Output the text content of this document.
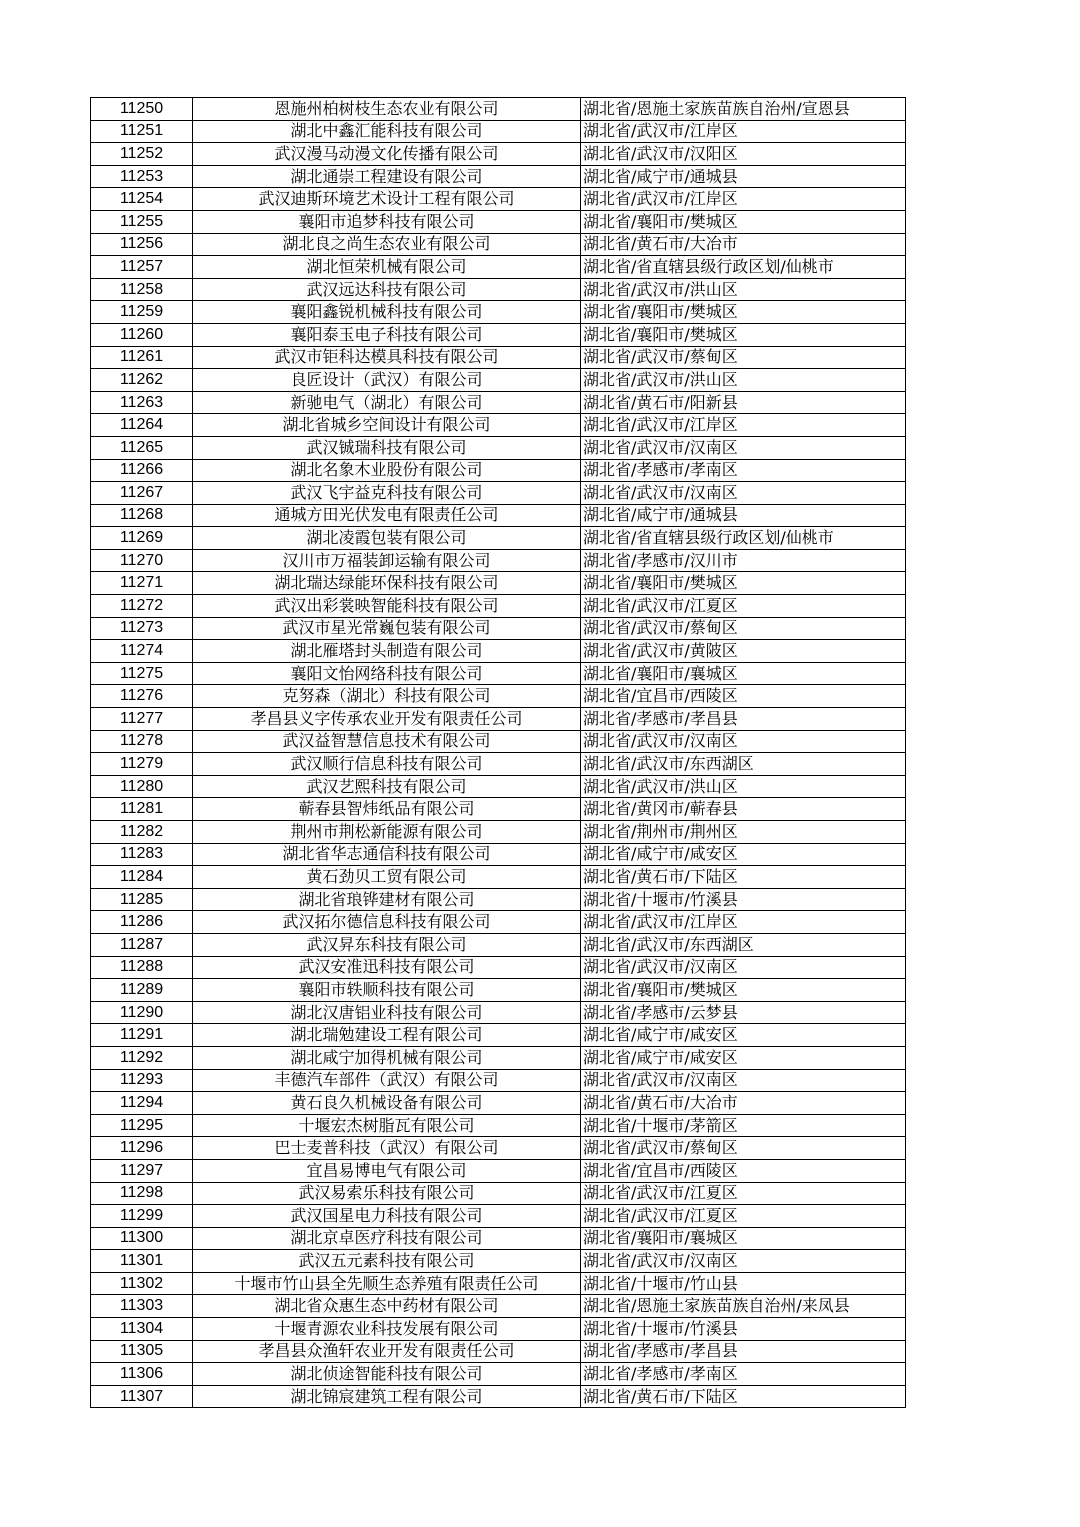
11250	恩施州柏树枝生态农业有限公司	湖北省/恩施土家族苗族自治州/宣恩县
11251	湖北中鑫汇能科技有限公司	湖北省/武汉市/江岸区
11252	武汉漫马动漫文化传播有限公司	湖北省/武汉市/汉阳区
11253	湖北通崇工程建设有限公司	湖北省/咸宁市/通城县
11254	武汉迪斯环境艺术设计工程有限公司	湖北省/武汉市/江岸区
11255	襄阳市追梦科技有限公司	湖北省/襄阳市/樊城区
11256	湖北良之尚生态农业有限公司	湖北省/黄石市/大冶市
11257	湖北恒荣机械有限公司	湖北省/省直辖县级行政区划/仙桃市
11258	武汉远达科技有限公司	湖北省/武汉市/洪山区
11259	襄阳鑫锐机械科技有限公司	湖北省/襄阳市/樊城区
11260	襄阳泰玉电子科技有限公司	湖北省/襄阳市/樊城区
11261	武汉市钜科达模具科技有限公司	湖北省/武汉市/蔡甸区
11262	良匠设计（武汉）有限公司	湖北省/武汉市/洪山区
11263	新驰电气（湖北）有限公司	湖北省/黄石市/阳新县
11264	湖北省城乡空间设计有限公司	湖北省/武汉市/江岸区
11265	武汉铖瑞科技有限公司	湖北省/武汉市/汉南区
11266	湖北名象木业股份有限公司	湖北省/孝感市/孝南区
11267	武汉飞宇益克科技有限公司	湖北省/武汉市/汉南区
11268	通城方田光伏发电有限责任公司	湖北省/咸宁市/通城县
11269	湖北凌霞包装有限公司	湖北省/省直辖县级行政区划/仙桃市
11270	汉川市万福装卸运输有限公司	湖北省/孝感市/汉川市
11271	湖北瑞达绿能环保科技有限公司	湖北省/襄阳市/樊城区
11272	武汉出彩裳映智能科技有限公司	湖北省/武汉市/江夏区
11273	武汉市星光常巍包装有限公司	湖北省/武汉市/蔡甸区
11274	湖北雁塔封头制造有限公司	湖北省/武汉市/黄陂区
11275	襄阳文怡网络科技有限公司	湖北省/襄阳市/襄城区
11276	克努森（湖北）科技有限公司	湖北省/宜昌市/西陵区
11277	孝昌县义字传承农业开发有限责任公司	湖北省/孝感市/孝昌县
11278	武汉益智慧信息技术有限公司	湖北省/武汉市/汉南区
11279	武汉顺行信息科技有限公司	湖北省/武汉市/东西湖区
11280	武汉艺熙科技有限公司	湖北省/武汉市/洪山区
11281	蕲春县智炜纸品有限公司	湖北省/黄冈市/蕲春县
11282	荆州市荆松新能源有限公司	湖北省/荆州市/荆州区
11283	湖北省华志通信科技有限公司	湖北省/咸宁市/咸安区
11284	黄石劲贝工贸有限公司	湖北省/黄石市/下陆区
11285	湖北省琅铧建材有限公司	湖北省/十堰市/竹溪县
11286	武汉拓尔德信息科技有限公司	湖北省/武汉市/江岸区
11287	武汉昇东科技有限公司	湖北省/武汉市/东西湖区
11288	武汉安准迅科技有限公司	湖北省/武汉市/汉南区
11289	襄阳市轶顺科技有限公司	湖北省/襄阳市/樊城区
11290	湖北汉唐铝业科技有限公司	湖北省/孝感市/云梦县
11291	湖北瑞勉建设工程有限公司	湖北省/咸宁市/咸安区
11292	湖北咸宁加得机械有限公司	湖北省/咸宁市/咸安区
11293	丰德汽车部件（武汉）有限公司	湖北省/武汉市/汉南区
11294	黄石良久机械设备有限公司	湖北省/黄石市/大冶市
11295	十堰宏杰树脂瓦有限公司	湖北省/十堰市/茅箭区
11296	巴士麦普科技（武汉）有限公司	湖北省/武汉市/蔡甸区
11297	宜昌易博电气有限公司	湖北省/宜昌市/西陵区
11298	武汉易索乐科技有限公司	湖北省/武汉市/江夏区
11299	武汉国星电力科技有限公司	湖北省/武汉市/江夏区
11300	湖北京卓医疗科技有限公司	湖北省/襄阳市/襄城区
11301	武汉五元素科技有限公司	湖北省/武汉市/汉南区
11302	十堰市竹山县全先顺生态养殖有限责任公司	湖北省/十堰市/竹山县
11303	湖北省众惠生态中药材有限公司	湖北省/恩施土家族苗族自治州/来凤县
11304	十堰青源农业科技发展有限公司	湖北省/十堰市/竹溪县
11305	孝昌县众渔轩农业开发有限责任公司	湖北省/孝感市/孝昌县
11306	湖北侦途智能科技有限公司	湖北省/孝感市/孝南区
11307	湖北锦宸建筑工程有限公司	湖北省/黄石市/下陆区
